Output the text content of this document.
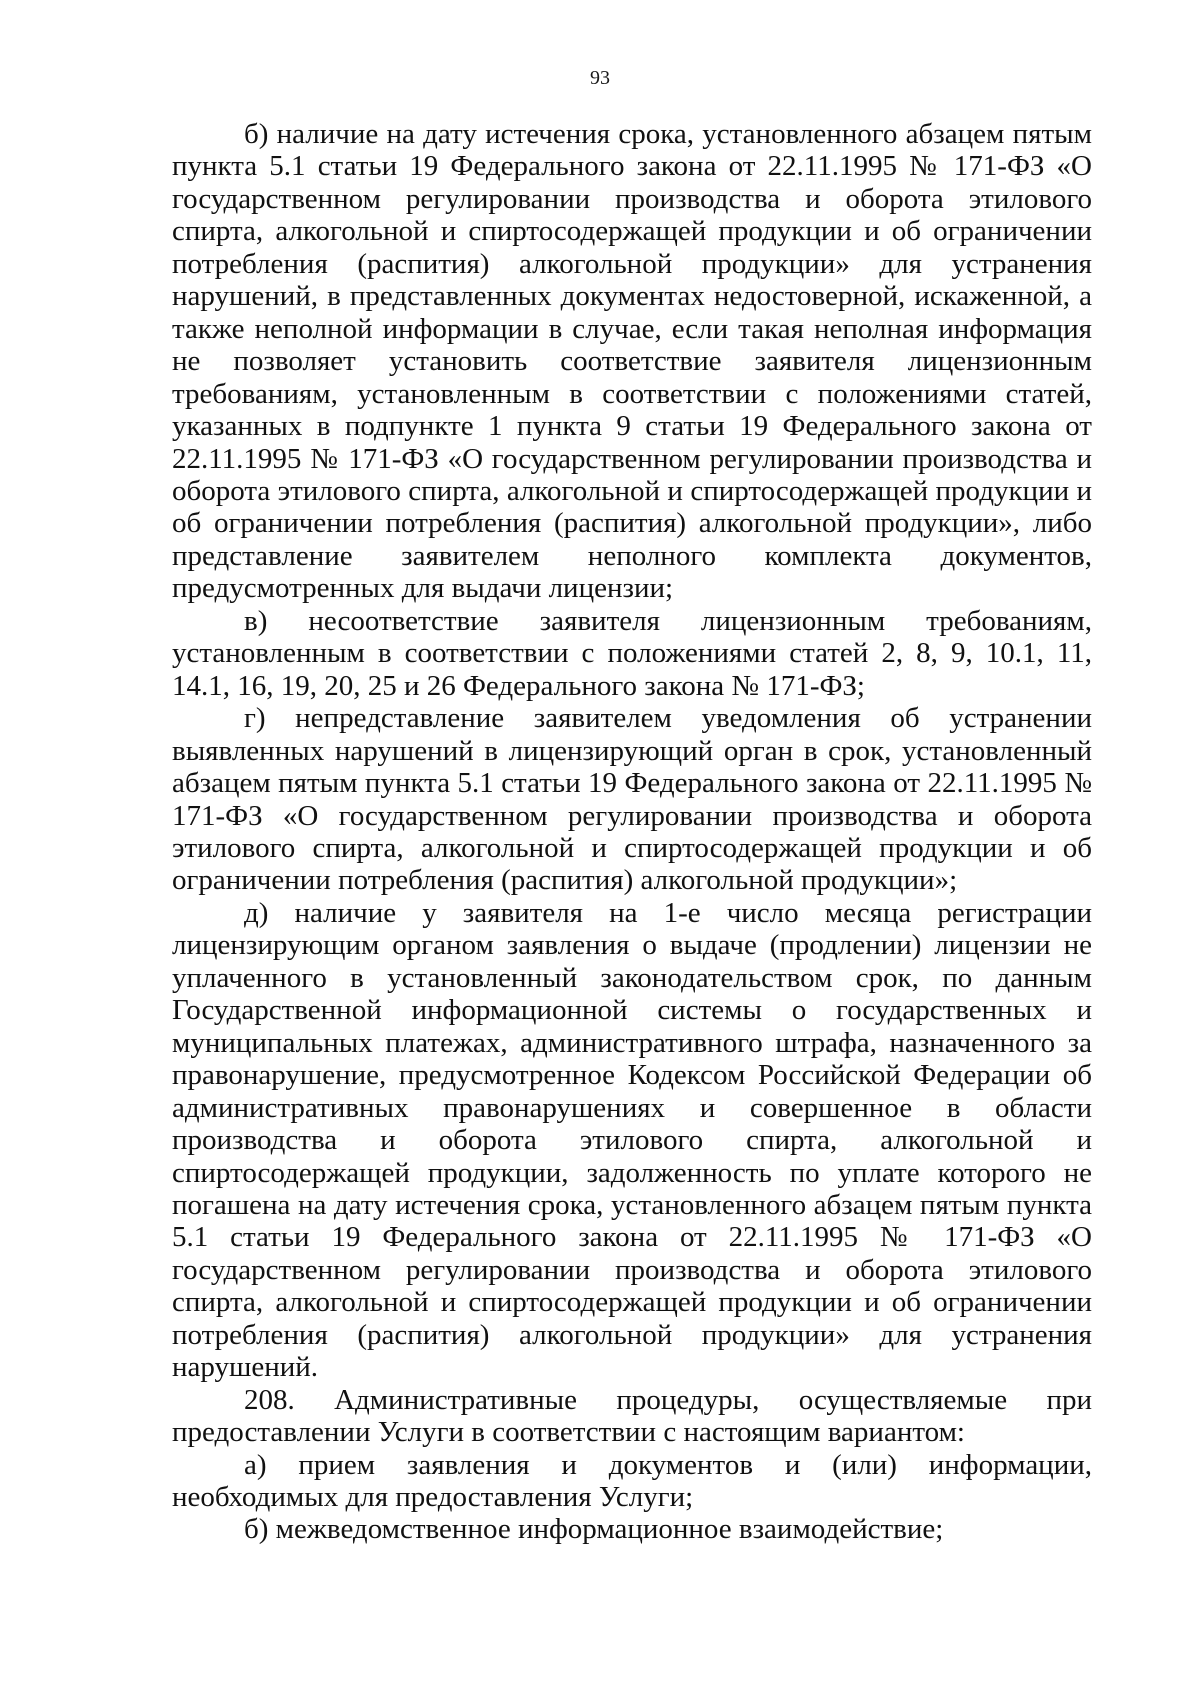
93

б) наличие на дату истечения срока, установленного абзацем пятым пункта 5.1 статьи 19 Федерального закона от 22.11.1995 № 171-ФЗ «О государственном регулировании производства и оборота этилового спирта, алкогольной и спиртосодержащей продукции и об ограничении потребления (распития) алкогольной продукции» для устранения нарушений, в представленных документах недостоверной, искаженной, а также неполной информации в случае, если такая неполная информация не позволяет установить соответствие заявителя лицензионным требованиям, установленным в соответствии с положениями статей, указанных в подпункте 1 пункта 9 статьи 19 Федерального закона от 22.11.1995 № 171-ФЗ «О государственном регулировании производства и оборота этилового спирта, алкогольной и спиртосодержащей продукции и об ограничении потребления (распития) алкогольной продукции», либо представление заявителем неполного комплекта документов, предусмотренных для выдачи лицензии;

в) несоответствие заявителя лицензионным требованиям, установленным в соответствии с положениями статей 2, 8, 9, 10.1, 11, 14.1, 16, 19, 20, 25 и 26 Федерального закона № 171-ФЗ;

г) непредставление заявителем уведомления об устранении выявленных нарушений в лицензирующий орган в срок, установленный абзацем пятым пункта 5.1 статьи 19 Федерального закона от 22.11.1995 № 171-ФЗ «О государственном регулировании производства и оборота этилового спирта, алкогольной и спиртосодержащей продукции и об ограничении потребления (распития) алкогольной продукции»;

д) наличие у заявителя на 1-е число месяца регистрации лицензирующим органом заявления о выдаче (продлении) лицензии не уплаченного в установленный законодательством срок, по данным Государственной информационной системы о государственных и муниципальных платежах, административного штрафа, назначенного за правонарушение, предусмотренное Кодексом Российской Федерации об административных правонарушениях и совершенное в области производства и оборота этилового спирта, алкогольной и спиртосодержащей продукции, задолженность по уплате которого не погашена на дату истечения срока, установленного абзацем пятым пункта 5.1 статьи 19 Федерального закона от 22.11.1995 № 171-ФЗ «О государственном регулировании производства и оборота этилового спирта, алкогольной и спиртосодержащей продукции и об ограничении потребления (распития) алкогольной продукции» для устранения нарушений.

208. Административные процедуры, осуществляемые при предоставлении Услуги в соответствии с настоящим вариантом:

а) прием заявления и документов и (или) информации, необходимых для предоставления Услуги;

б) межведомственное информационное взаимодействие;
